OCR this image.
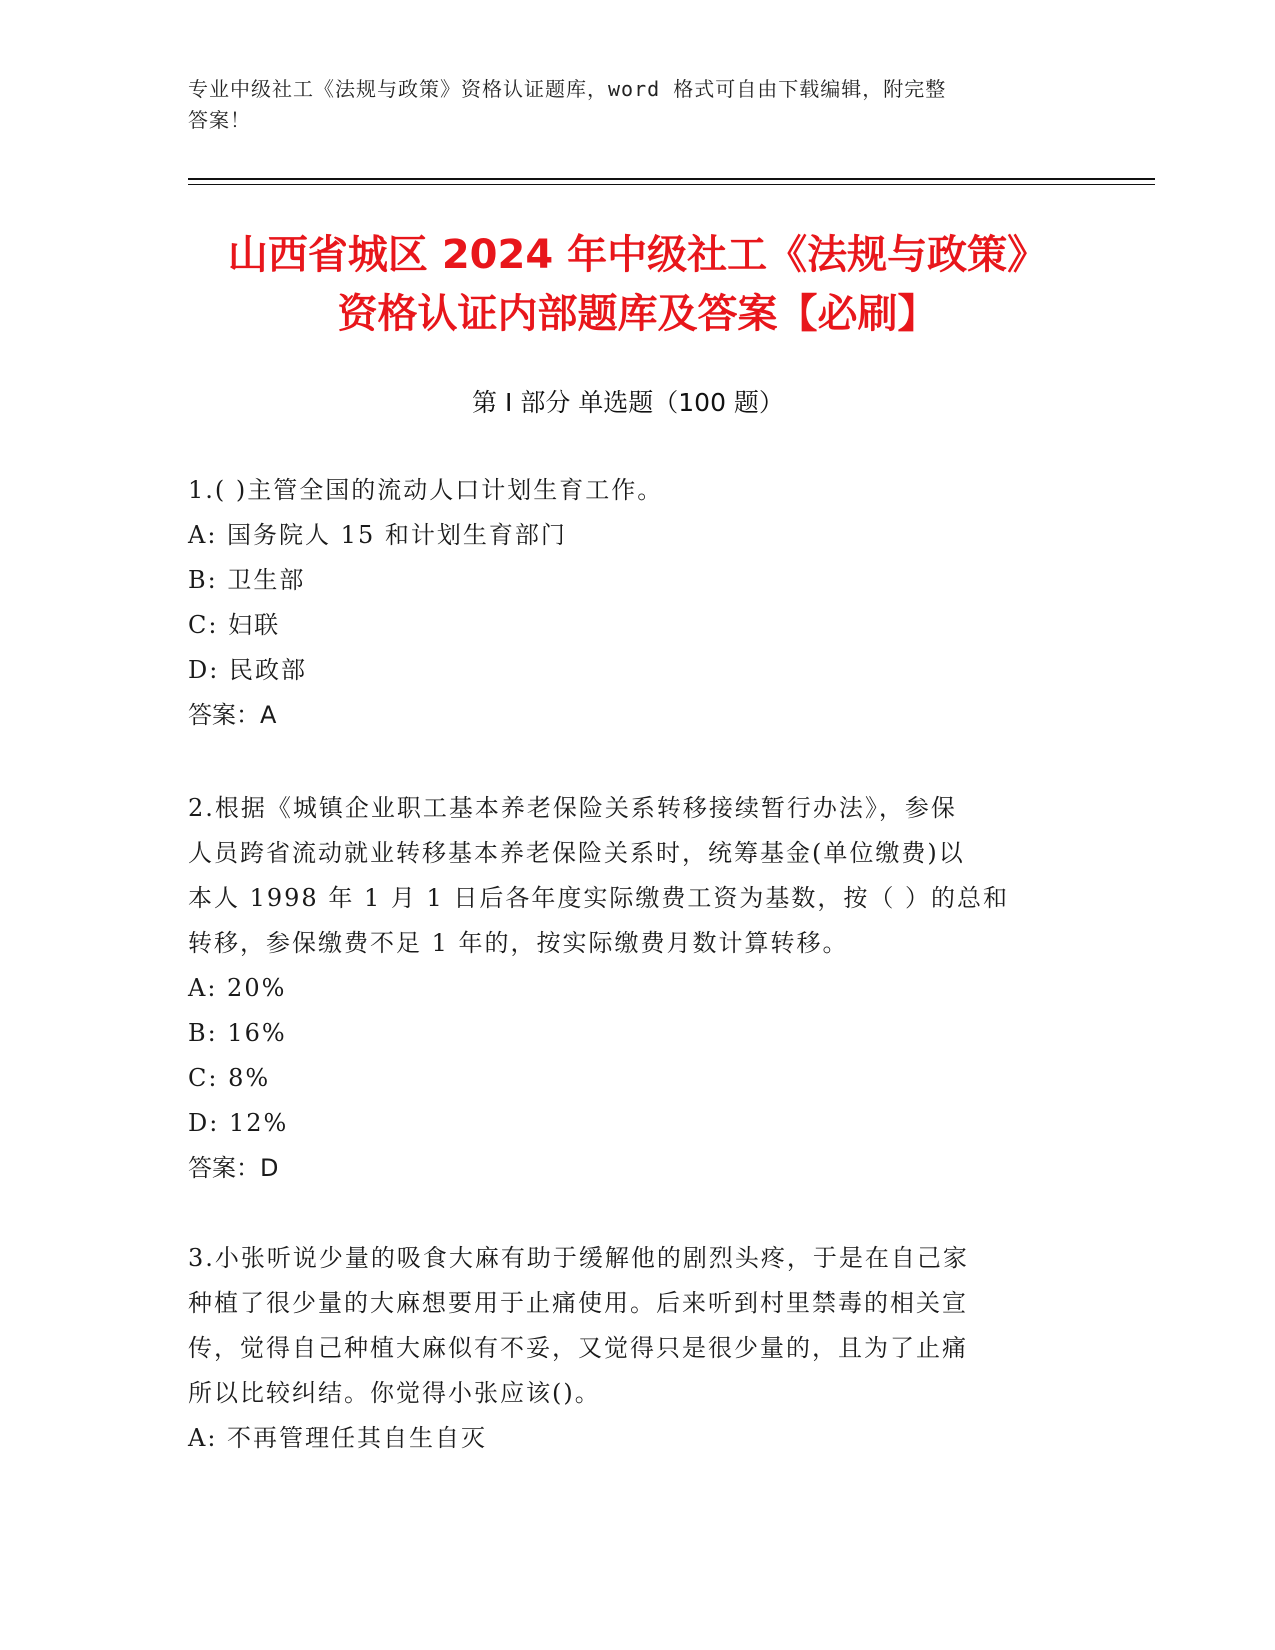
专业中级社工《法规与政策》资格认证题库，word 格式可自由下载编辑，附完整
答案！
山西省城区 2024 年中级社工《法规与政策》
资格认证内部题库及答案【必刷】
第 I 部分 单选题（100 题）

1.( )主管全国的流动人口计划生育工作。

A: 国务院人 15 和计划生育部门

B: 卫生部

C: 妇联

D: 民政部

答案：A

2.根据《城镇企业职工基本养老保险关系转移接续暂行办法》，参保

人员跨省流动就业转移基本养老保险关系时，统筹基金(单位缴费)以

本人 1998 年 1 月 1 日后各年度实际缴费工资为基数，按（ ）的总和

转移，参保缴费不足 1 年的，按实际缴费月数计算转移。

A: 20%

B: 16%

C: 8%

D: 12%

答案：D

3.小张听说少量的吸食大麻有助于缓解他的剧烈头疼，于是在自己家

种植了很少量的大麻想要用于止痛使用。后来听到村里禁毒的相关宣

传，觉得自己种植大麻似有不妥，又觉得只是很少量的，且为了止痛

所以比较纠结。你觉得小张应该()。

A: 不再管理任其自生自灭
